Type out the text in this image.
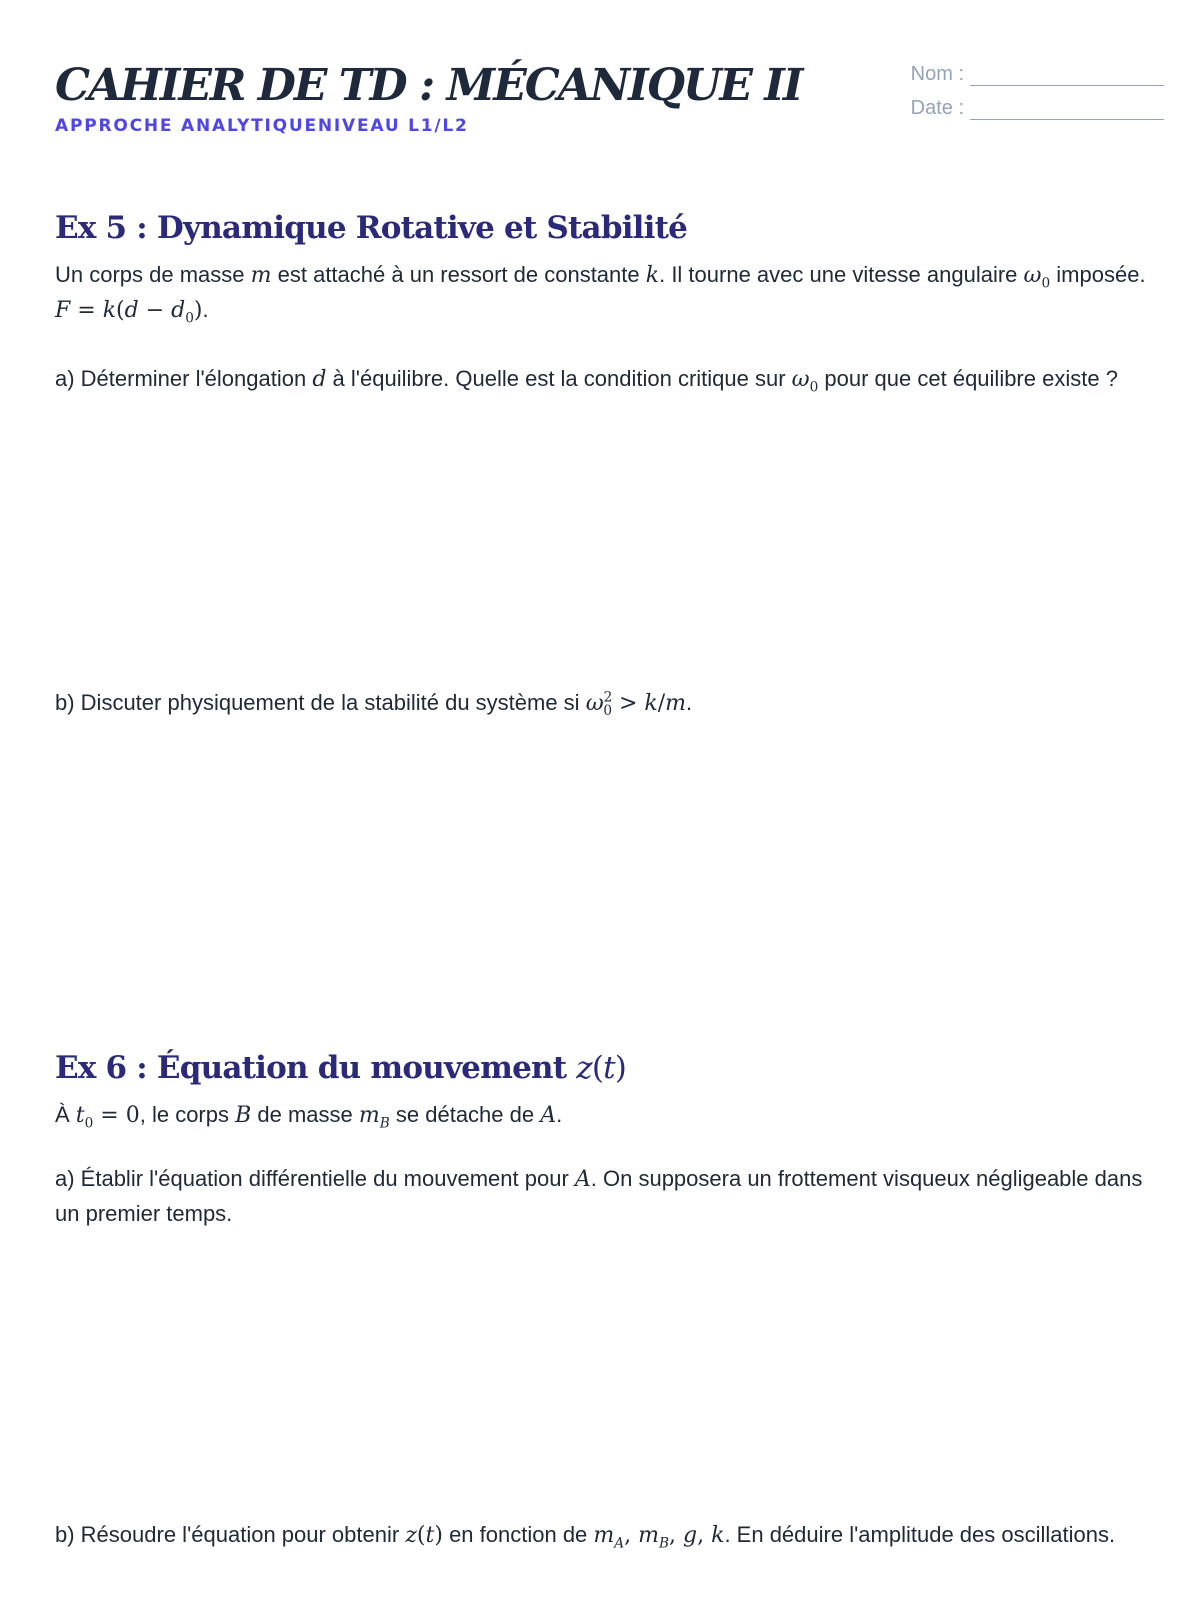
CAHIER DE TD : MÉCANIQUE II
APPROCHE ANALYTIQUENIVEAU L1/L2
Nom :
Date :
Ex 5 : Dynamique Rotative et Stabilité
Un corps de masse m est attaché à un ressort de constante k. Il tourne avec une vitesse angulaire $\omega_0$ imposée. $F = k(d - d_0)$.
a) Déterminer l'élongation d à l'équilibre. Quelle est la condition critique sur $\omega_0$ pour que cet équilibre existe ?
b) Discuter physiquement de la stabilité du système si $\omega^2_0 > k/m$.
Ex 6 : Équation du mouvement z(t)
À $t_0 = 0$, le corps B de masse $m_B$ se détache de A.
a) Établir l'équation différentielle du mouvement pour A. On supposera un frottement visqueux négligeable dans un premier temps.
b) Résoudre l'équation pour obtenir z(t) en fonction de $m_A$, $m_B$, g, k. En déduire l'amplitude des oscillations.
